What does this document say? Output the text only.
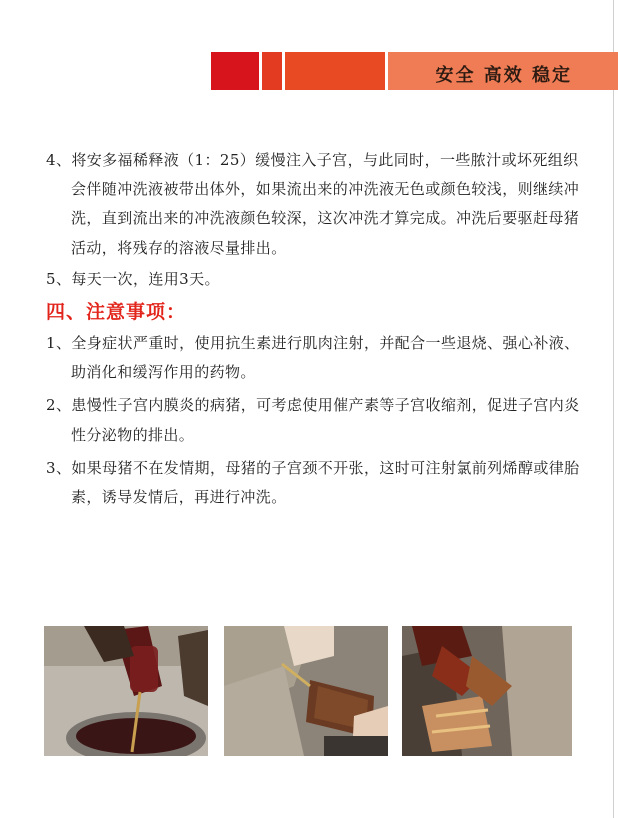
安全 高效 稳定

4、将安多福稀释液（1：25）缓慢注入子宫，与此同时，一些脓汁或坏死组织会伴随冲洗液被带出体外，如果流出来的冲洗液无色或颜色较浅，则继续冲洗，直到流出来的冲洗液颜色较深，这次冲洗才算完成。冲洗后要驱赶母猪活动，将残存的溶液尽量排出。

5、每天一次，连用3天。

四、注意事项：

1、全身症状严重时，使用抗生素进行肌肉注射，并配合一些退烧、强心补液、助消化和缓泻作用的药物。

2、患慢性子宫内膜炎的病猪，可考虑使用催产素等子宫收缩剂，促进子宫内炎性分泌物的排出。

3、如果母猪不在发情期，母猪的子宫颈不开张，这时可注射氯前列烯醇或律胎素，诱导发情后，再进行冲洗。
